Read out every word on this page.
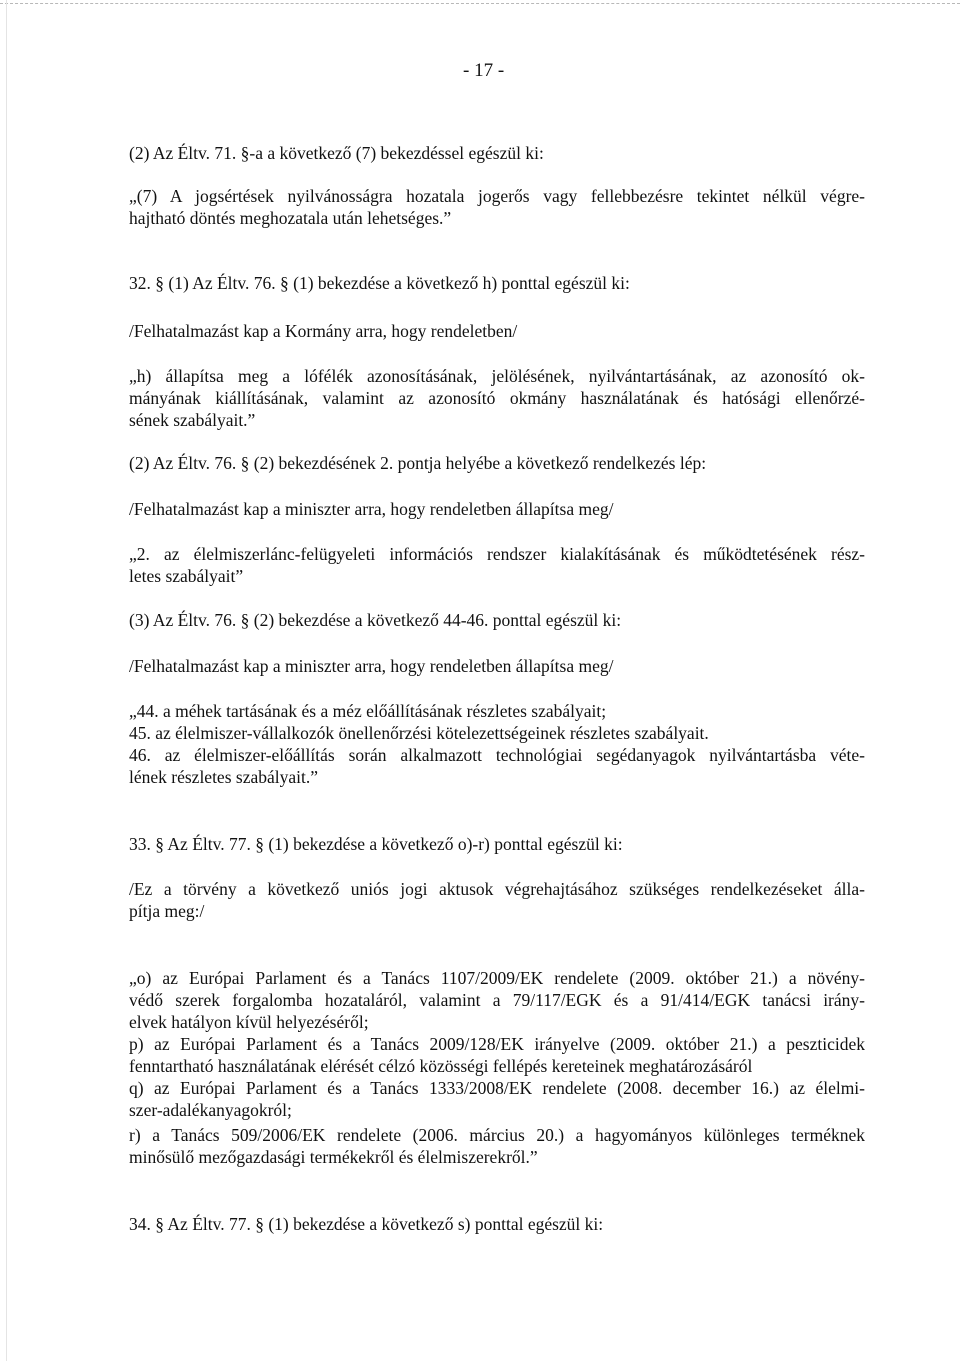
- 17 -
(2) Az Éltv. 71. §-a a következő (7) bekezdéssel egészül ki:
„(7) A jogsértések nyilvánosságra hozatala jogerős vagy fellebbezésre tekintet nélkül végre-
hajtható döntés meghozatala után lehetséges.”
32. § (1) Az Éltv. 76. § (1) bekezdése a következő h) ponttal egészül ki:
/Felhatalmazást kap a Kormány arra, hogy rendeletben/
„h) állapítsa meg a lófélék azonosításának, jelölésének, nyilvántartásának, az azonosító ok-
mányának kiállításának, valamint az azonosító okmány használatának és hatósági ellenőrzé-
sének szabályait.”
(2) Az Éltv. 76. § (2) bekezdésének 2. pontja helyébe a következő rendelkezés lép:
/Felhatalmazást kap a miniszter arra, hogy rendeletben állapítsa meg/
„2. az élelmiszerlánc-felügyeleti információs rendszer kialakításának és működtetésének rész-
letes szabályait”
(3) Az Éltv. 76. § (2) bekezdése a következő 44-46. ponttal egészül ki:
/Felhatalmazást kap a miniszter arra, hogy rendeletben állapítsa meg/
„44. a méhek tartásának és a méz előállításának részletes szabályait;
45. az élelmiszer-vállalkozók önellenőrzési kötelezettségeinek részletes szabályait.
46. az élelmiszer-előállítás során alkalmazott technológiai segédanyagok nyilvántartásba véte-
lének részletes szabályait.”
33. § Az Éltv. 77. § (1) bekezdése a következő o)-r) ponttal egészül ki:
/Ez a törvény a következő uniós jogi aktusok végrehajtásához szükséges rendelkezéseket álla-
pítja meg:/
„o) az Európai Parlament és a Tanács 1107/2009/EK rendelete (2009. október 21.) a növény-
védő szerek forgalomba hozataláról, valamint a 79/117/EGK és a 91/414/EGK tanácsi irány-
elvek hatályon kívül helyezéséről;
p) az Európai Parlament és a Tanács 2009/128/EK irányelve (2009. október 21.) a peszticidek
fenntartható használatának elérését célzó közösségi fellépés kereteinek meghatározásáról
q) az Európai Parlament és a Tanács 1333/2008/EK rendelete (2008. december 16.) az élelmi-
szer-adalékanyagokról;
r) a Tanács 509/2006/EK rendelete (2006. március 20.) a hagyományos különleges terméknek
minősülő mezőgazdasági termékekről és élelmiszerekről.”
34. § Az Éltv. 77. § (1) bekezdése a következő s) ponttal egészül ki:
